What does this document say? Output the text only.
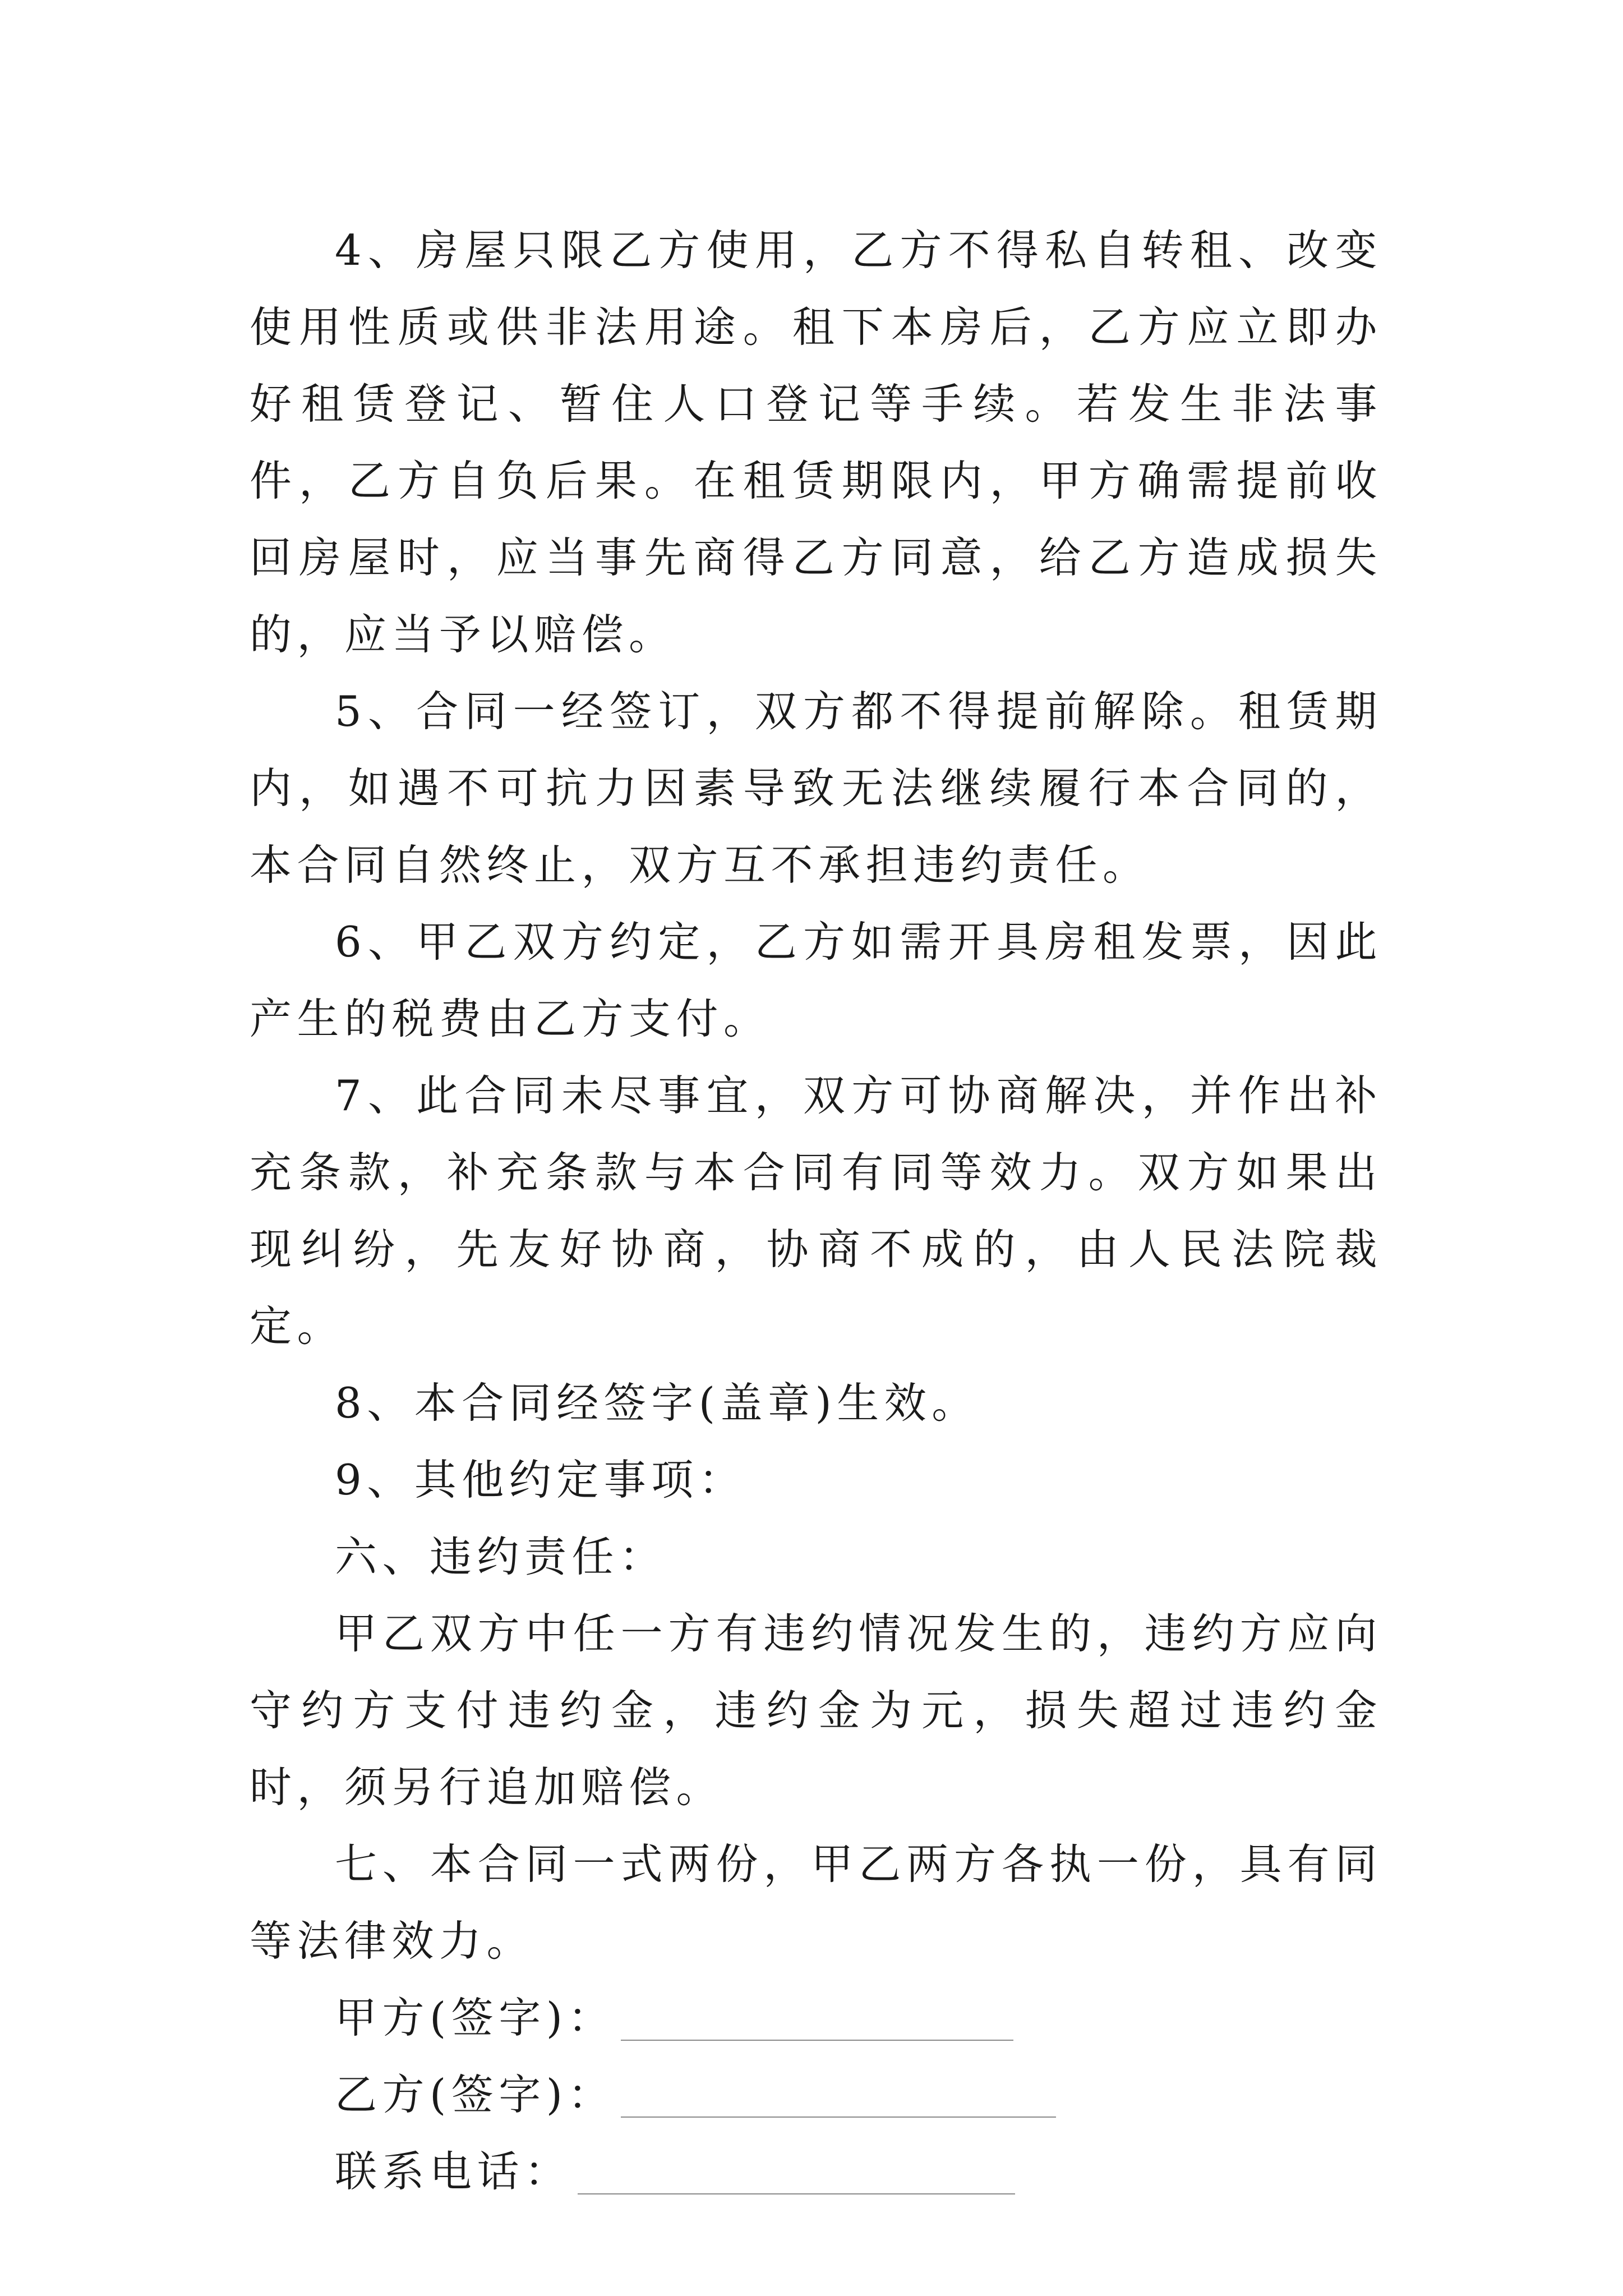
4、房屋只限乙方使用，乙方不得私自转租、改变使用性质或供非法用途。租下本房后，乙方应立即办好租赁登记、暂住人口登记等手续。若发生非法事件，乙方自负后果。在租赁期限内，甲方确需提前收回房屋时，应当事先商得乙方同意，给乙方造成损失的，应当予以赔偿。

5、合同一经签订，双方都不得提前解除。租赁期内，如遇不可抗力因素导致无法继续履行本合同的，本合同自然终止，双方互不承担违约责任。

6、甲乙双方约定，乙方如需开具房租发票，因此产生的税费由乙方支付。

7、此合同未尽事宜，双方可协商解决，并作出补充条款，补充条款与本合同有同等效力。双方如果出现纠纷，先友好协商，协商不成的，由人民法院裁定。

8、本合同经签字(盖章)生效。

9、其他约定事项：

六、违约责任：

甲乙双方中任一方有违约情况发生的，违约方应向守约方支付违约金，违约金为元，损失超过违约金时，须另行追加赔偿。

七、本合同一式两份，甲乙两方各执一份，具有同等法律效力。

甲方(签字)：
乙方(签字)：
联系电话：
